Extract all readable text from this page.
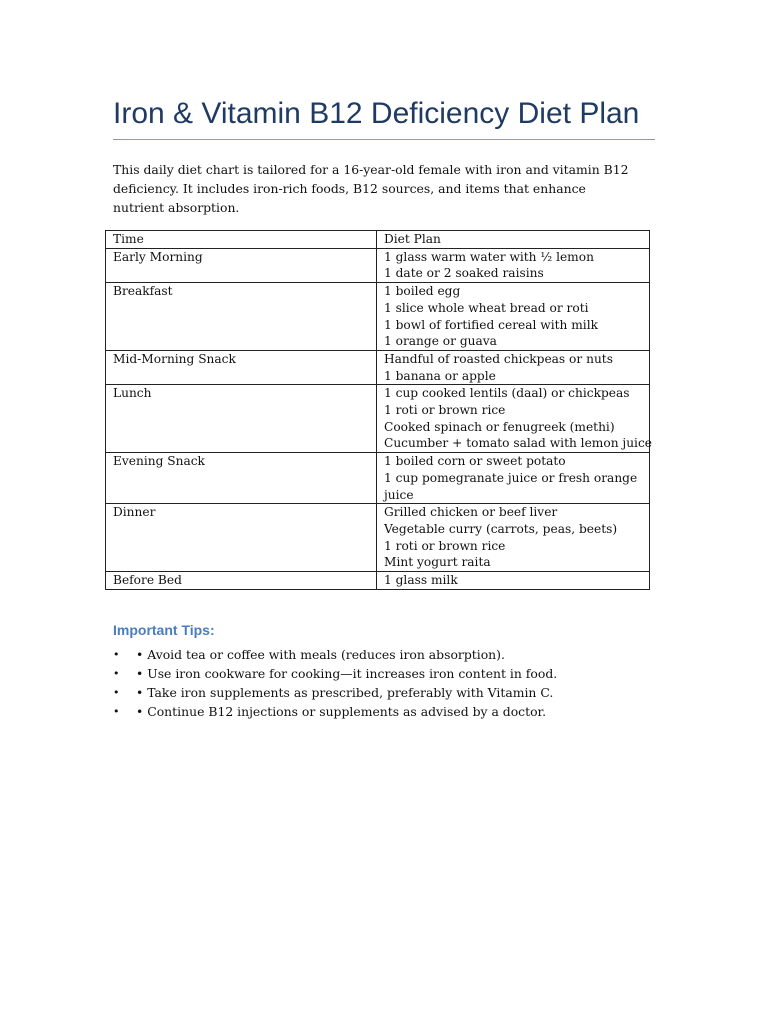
Iron & Vitamin B12 Deficiency Diet Plan

This daily diet chart is tailored for a 16-year-old female with iron and vitamin B12 deficiency. It includes iron-rich foods, B12 sources, and items that enhance nutrient absorption.

Time	Diet Plan
Early Morning	1 glass warm water with ½ lemon
1 date or 2 soaked raisins

Breakfast	1 boiled egg
1 slice whole wheat bread or roti
1 bowl of fortified cereal with milk
1 orange or guava

Mid-Morning Snack	Handful of roasted chickpeas or nuts
1 banana or apple

Lunch	1 cup cooked lentils (daal) or chickpeas
1 roti or brown rice
Cooked spinach or fenugreek (methi)
Cucumber + tomato salad with lemon juice

Evening Snack	1 boiled corn or sweet potato
1 cup pomegranate juice or fresh orange
juice

Dinner	Grilled chicken or beef liver
Vegetable curry (carrots, peas, beets)
1 roti or brown rice
Mint yogurt raita

Before Bed	1 glass milk
Important Tips:
• • Avoid tea or coffee with meals (reduces iron absorption).
• • Use iron cookware for cooking—it increases iron content in food.
• • Take iron supplements as prescribed, preferably with Vitamin C.
• • Continue B12 injections or supplements as advised by a doctor.
